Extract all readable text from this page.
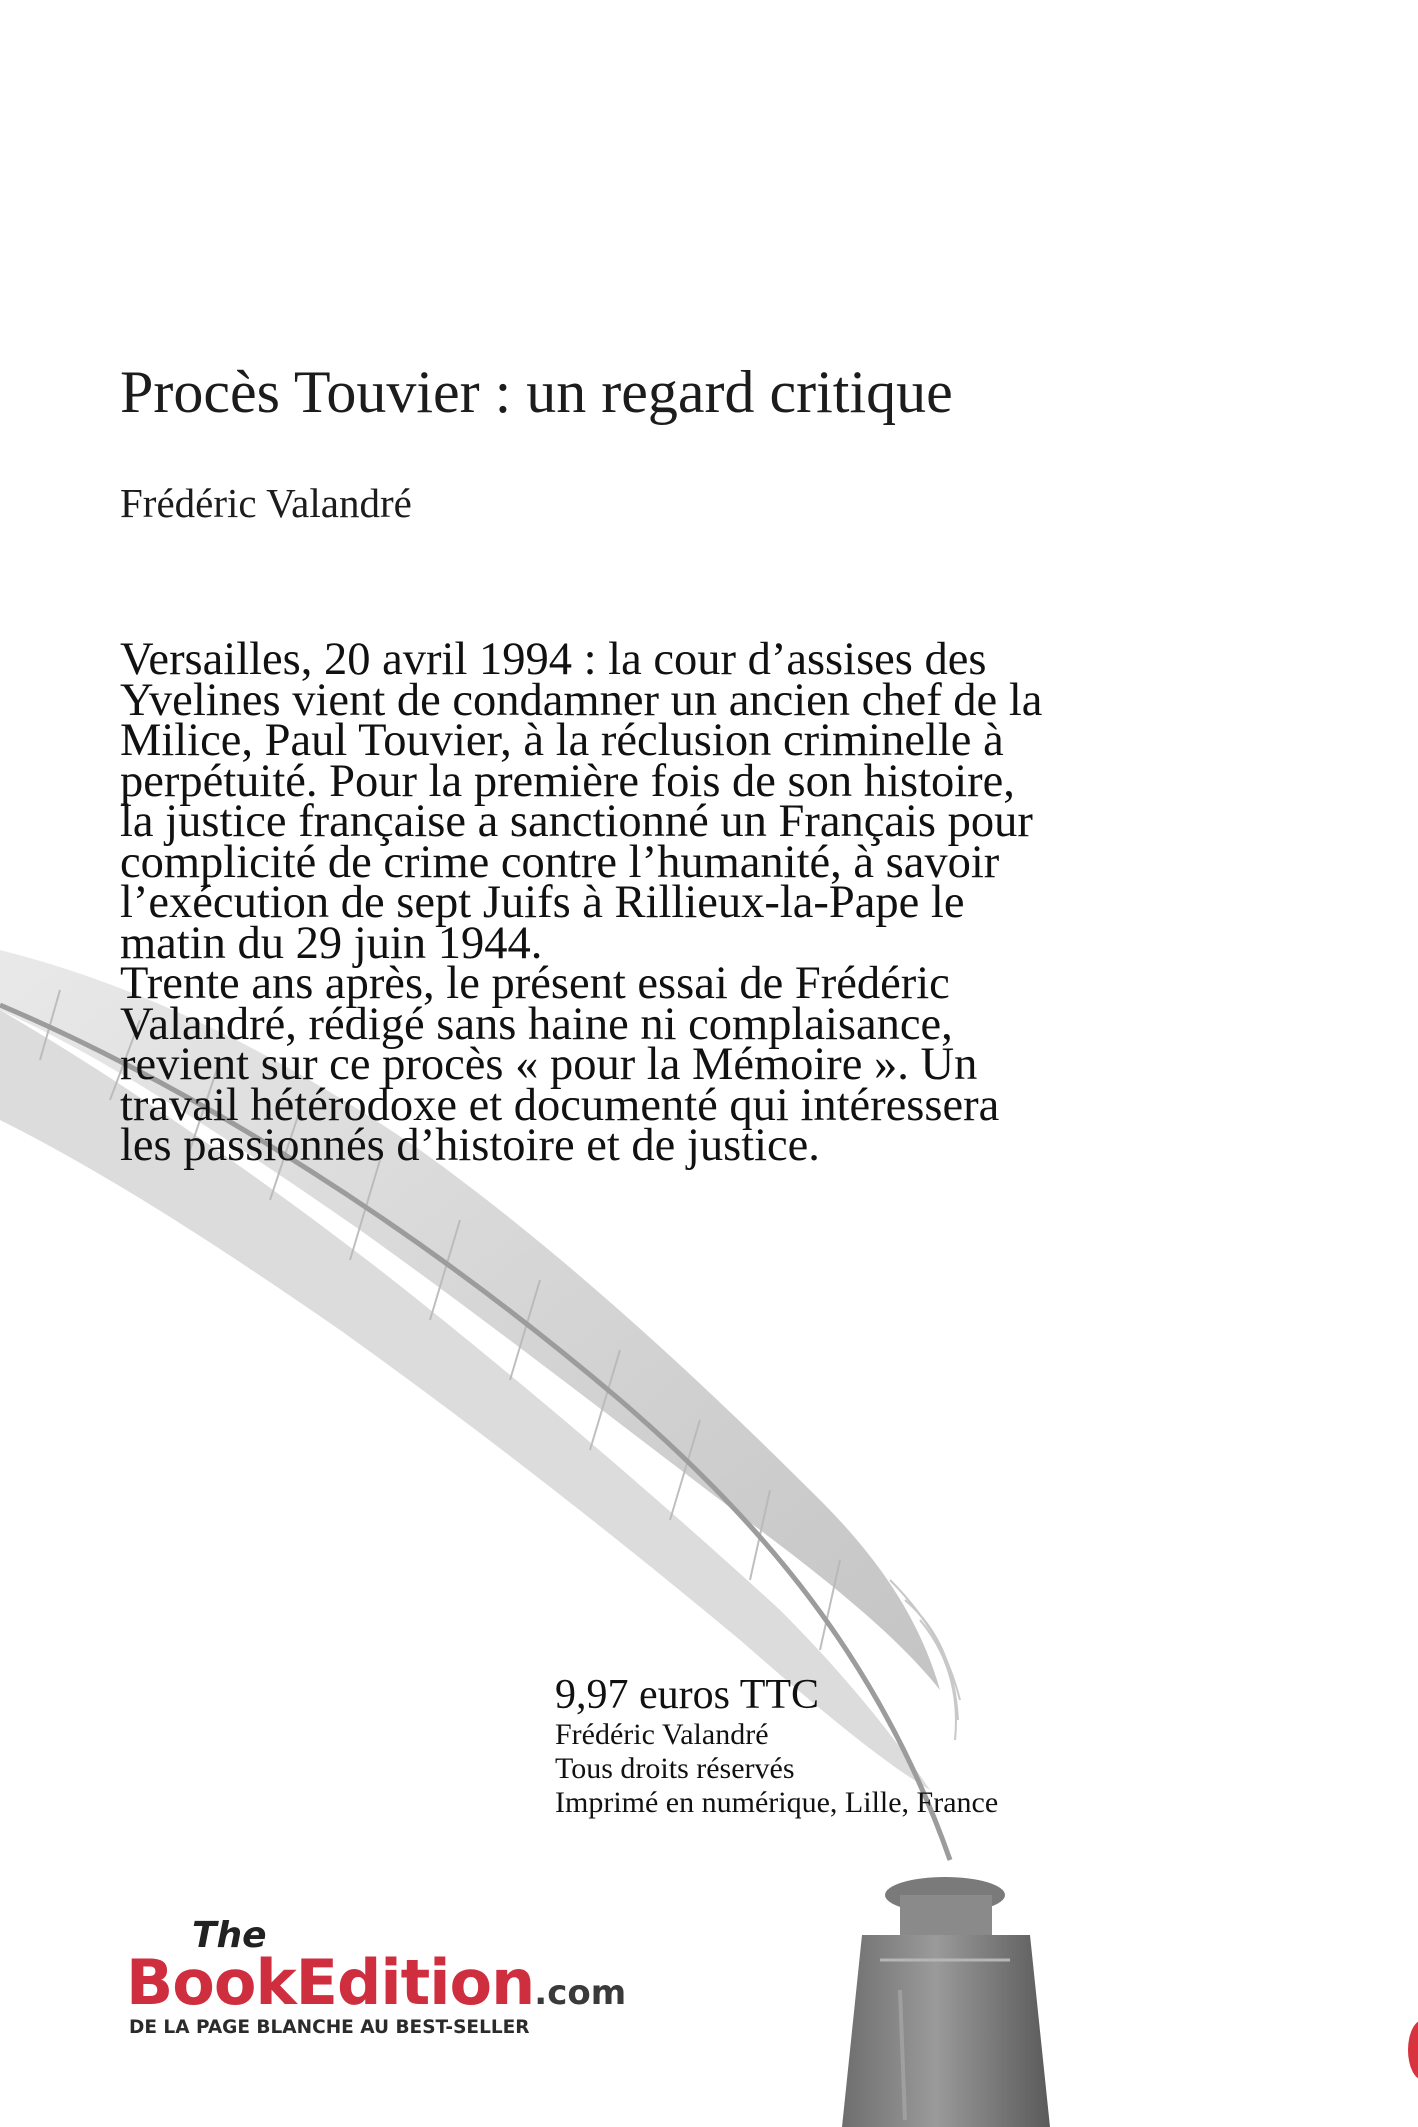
Procès Touvier : un regard critique
Frédéric Valandré

Versailles, 20 avril 1994 : la cour d’assises des Yvelines vient de condamner un ancien chef de la Milice, Paul Touvier, à la réclusion criminelle à perpétuité. Pour la première fois de son histoire, la justice française a sanctionné un Français pour complicité de crime contre l’humanité, à savoir l’exécution de sept Juifs à Rillieux-la-Pape le matin du 29 juin 1944.

Trente ans après, le présent essai de Frédéric Valandré, rédigé sans haine ni complaisance, revient sur ce procès « pour la Mémoire ». Un travail hétérodoxe et documenté qui intéressera les passionnés d’histoire et de justice.

9,97 euros TTC
Frédéric Valandré
Tous droits réservés
Imprimé en numérique, Lille, France
The
BookEdition.com
DE LA PAGE BLANCHE AU BEST-SELLER
